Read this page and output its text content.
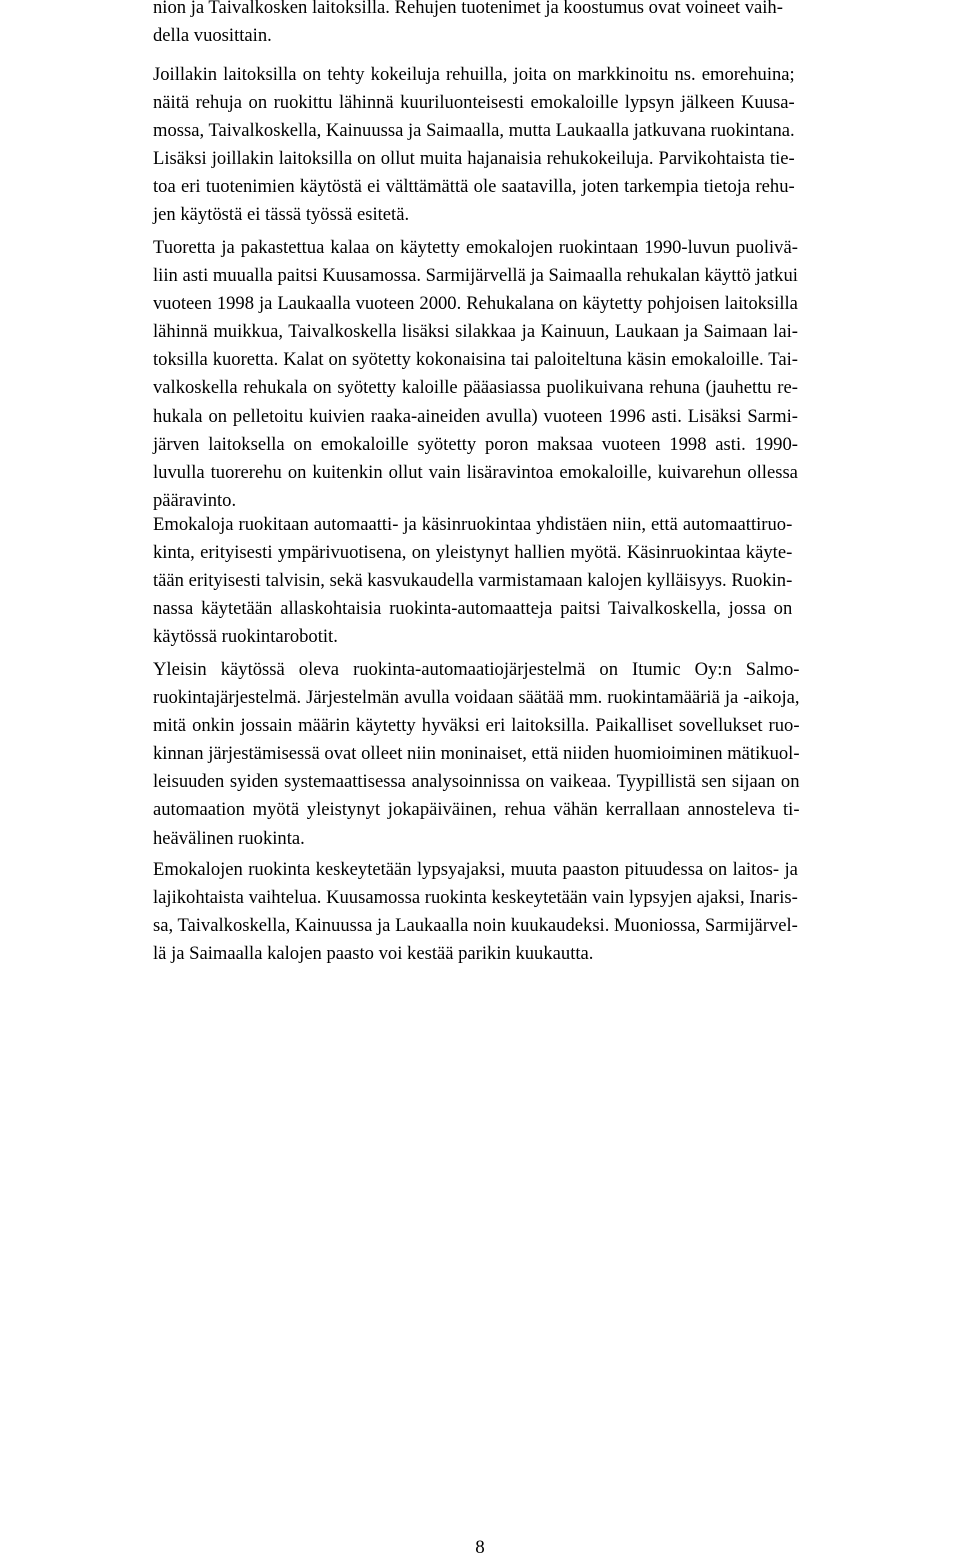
nion ja Taivalkosken laitoksilla. Rehujen tuotenimet ja koostumus ovat voineet vaih-
della vuosittain.

Joillakin laitoksilla on tehty kokeiluja rehuilla, joita on markkinoitu ns. emorehuina;
näitä rehuja on ruokittu lähinnä kuuriluonteisesti emokaloille lypsyn jälkeen Kuusa-
mossa, Taivalkoskella, Kainuussa ja Saimaalla, mutta Laukaalla jatkuvana ruokintana.
Lisäksi joillakin laitoksilla on ollut muita hajanaisia rehukokeiluja. Parvikohtaista tie-
toa eri tuotenimien käytöstä ei välttämättä ole saatavilla, joten tarkempia tietoja rehu-
jen käytöstä ei tässä työssä esitetä.

Tuoretta ja pakastettua kalaa on käytetty emokalojen ruokintaan 1990-luvun puolivä-
liin asti muualla paitsi Kuusamossa. Sarmijärvellä ja Saimaalla rehukalan käyttö jatkui
vuoteen 1998 ja Laukaalla vuoteen 2000. Rehukalana on käytetty pohjoisen laitoksilla
lähinnä muikkua, Taivalkoskella lisäksi silakkaa ja Kainuun, Laukaan ja Saimaan lai-
toksilla kuoretta. Kalat on syötetty kokonaisina tai paloiteltuna käsin emokaloille. Tai-
valkoskella rehukala on syötetty kaloille pääasiassa puolikuivana rehuna (jauhettu re-
hukala on pelletoitu kuivien raaka-aineiden avulla) vuoteen 1996 asti. Lisäksi Sarmi-
järven laitoksella on emokaloille syötetty poron maksaa vuoteen 1998 asti. 1990-
luvulla tuorerehu on kuitenkin ollut vain lisäravintoa emokaloille, kuivarehun ollessa
pääravinto.

Emokaloja ruokitaan automaatti- ja käsinruokintaa yhdistäen niin, että automaattiruo-
kinta, erityisesti ympärivuotisena, on yleistynyt hallien myötä. Käsinruokintaa käyte-
tään erityisesti talvisin, sekä kasvukaudella varmistamaan kalojen kylläisyys. Ruokin-
nassa käytetään allaskohtaisia ruokinta-automaatteja paitsi Taivalkoskella, jossa on
käytössä ruokintarobotit.

Yleisin käytössä oleva ruokinta-automaatiojärjestelmä on Itumic Oy:n Salmo-
ruokintajärjestelmä. Järjestelmän avulla voidaan säätää mm. ruokintamääriä ja -aikoja,
mitä onkin jossain määrin käytetty hyväksi eri laitoksilla. Paikalliset sovellukset ruo-
kinnan järjestämisessä ovat olleet niin moninaiset, että niiden huomioiminen mätikuol-
leisuuden syiden systemaattisessa analysoinnissa on vaikeaa. Tyypillistä sen sijaan on
automaation myötä yleistynyt jokapäiväinen, rehua vähän kerrallaan annosteleva ti-
heävälinen ruokinta.

Emokalojen ruokinta keskeytetään lypsyajaksi, muuta paaston pituudessa on laitos- ja
lajikohtaista vaihtelua. Kuusamossa ruokinta keskeytetään vain lypsyjen ajaksi, Inaris-
sa, Taivalkoskella, Kainuussa ja Laukaalla noin kuukaudeksi. Muoniossa, Sarmijärvel-
lä ja Saimaalla kalojen paasto voi kestää parikin kuukautta.

8
